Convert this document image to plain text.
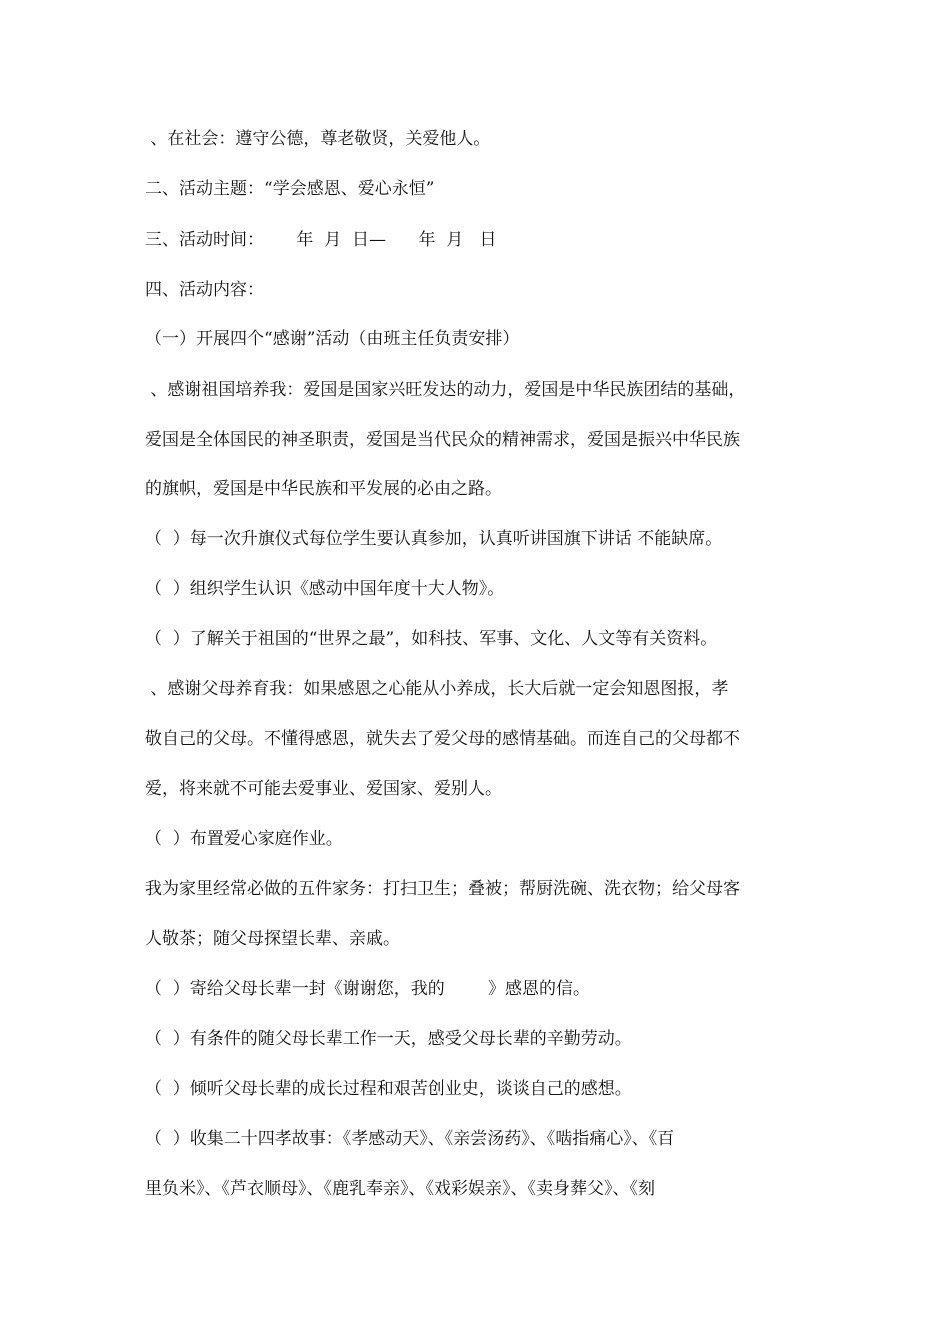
、在社会：遵守公德，尊老敬贤，关爱他人。
二、活动主题：“学会感恩、爱心永恒”
三、活动时间：      年  月  日—      年  月   日
四、活动内容：
（一）开展四个“感谢”活动（由班主任负责安排）
、感谢祖国培养我：爱国是国家兴旺发达的动力，爱国是中华民族团结的基础，
爱国是全体国民的神圣职责，爱国是当代民众的精神需求，爱国是振兴中华民族
的旗帜，爱国是中华民族和平发展的必由之路。
（  ）每一次升旗仪式每位学生要认真参加，认真听讲国旗下讲话 不能缺席。
（  ）组织学生认识《感动中国年度十大人物》。
（  ）了解关于祖国的“世界之最”，如科技、军事、文化、人文等有关资料。
、感谢父母养育我：如果感恩之心能从小养成，长大后就一定会知恩图报，孝
敬自己的父母。不懂得感恩，就失去了爱父母的感情基础。而连自己的父母都不
爱，将来就不可能去爱事业、爱国家、爱别人。
（  ）布置爱心家庭作业。
我为家里经常必做的五件家务：打扫卫生；叠被；帮厨洗碗、洗衣物；给父母客
人敬茶；随父母探望长辈、亲戚。
（  ）寄给父母长辈一封《谢谢您，我的        》感恩的信。
（  ）有条件的随父母长辈工作一天，感受父母长辈的辛勤劳动。
（  ）倾听父母长辈的成长过程和艰苦创业史，谈谈自己的感想。
（  ）收集二十四孝故事：《孝感动天》、《亲尝汤药》、《啮指痛心》、《百
里负米》、《芦衣顺母》、《鹿乳奉亲》、《戏彩娱亲》、《卖身葬父》、《刻
